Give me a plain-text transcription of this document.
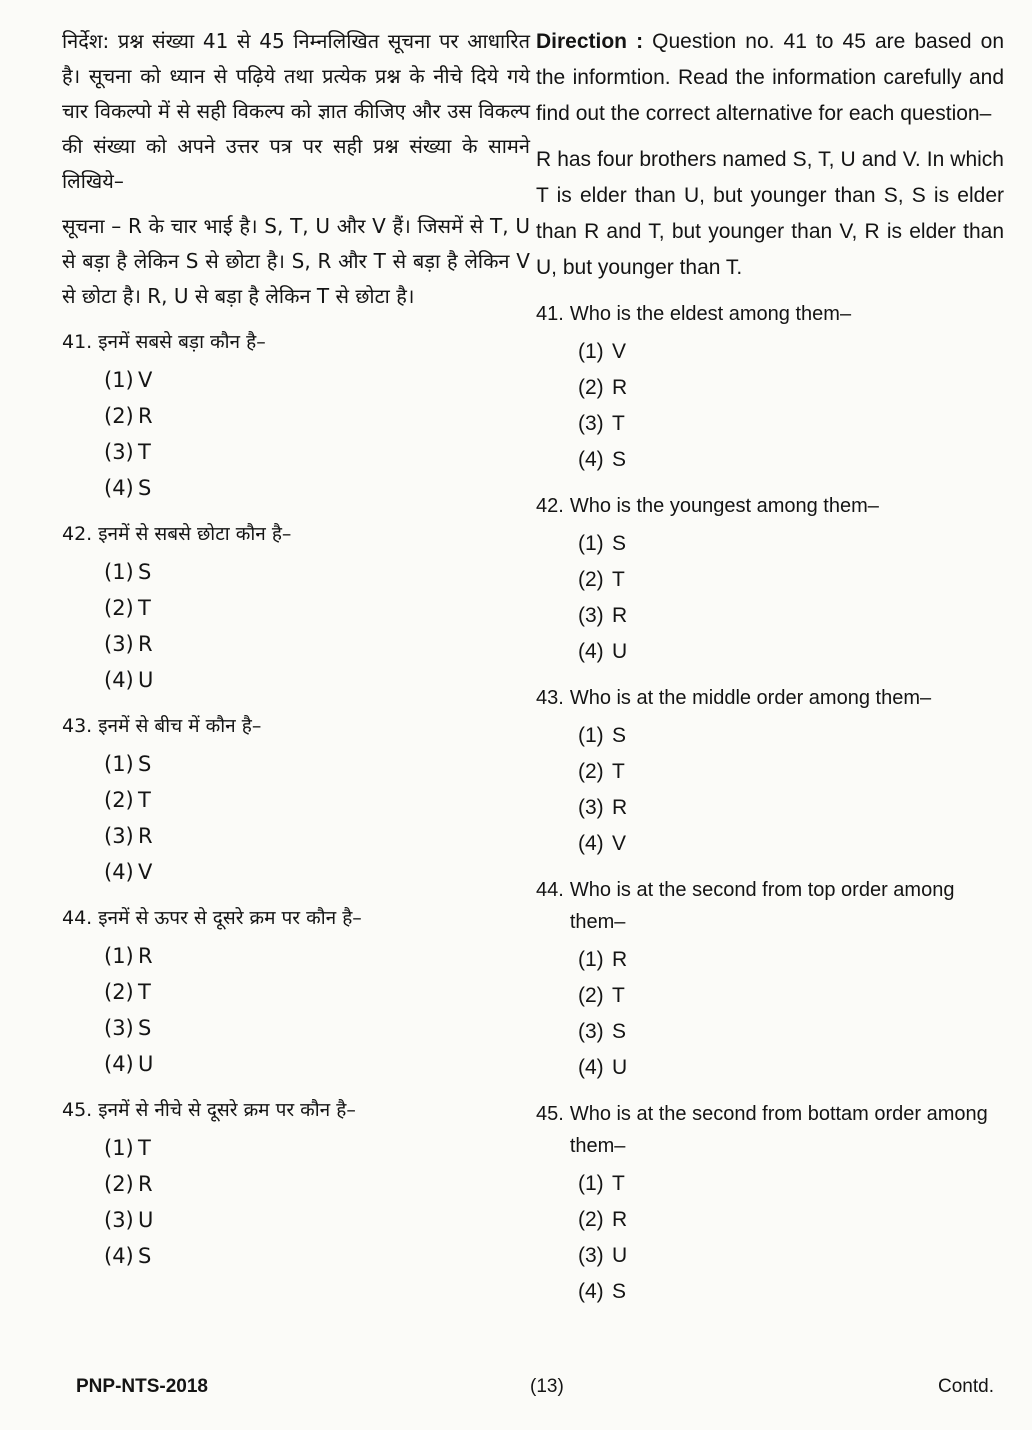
निर्देश: प्रश्न संख्या 41 से 45 निम्नलिखित सूचना पर आधारित है। सूचना को ध्यान से पढ़िये तथा प्रत्येक प्रश्न के नीचे दिये गये चार विकल्पो में से सही विकल्प को ज्ञात कीजिए और उस विकल्प की संख्या को अपने उत्तर पत्र पर सही प्रश्न संख्या के सामने लिखिये–

सूचना – R के चार भाई है। S, T, U और V हैं। जिसमें से T, U से बड़ा है लेकिन S से छोटा है। S, R और T से बड़ा है लेकिन V से छोटा है। R, U से बड़ा है लेकिन T से छोटा है।

41. इनमें सबसे बड़ा कौन है–
(1) V
(2) R
(3) T
(4) S
42. इनमें से सबसे छोटा कौन है–
(1) S
(2) T
(3) R
(4) U
43. इनमें से बीच में कौन है–
(1) S
(2) T
(3) R
(4) V
44. इनमें से ऊपर से दूसरे क्रम पर कौन है–
(1) R
(2) T
(3) S
(4) U
45. इनमें से नीचे से दूसरे क्रम पर कौन है–
(1) T
(2) R
(3) U
(4) S

Direction : Question no. 41 to 45 are based on the informtion. Read the information carefully and find out the correct alternative for each question–

R has four brothers named S, T, U and V. In which T is elder than U, but younger than S, S is elder than R and T, but younger than V, R is elder than U, but younger than T.

41. Who is the eldest among them–
(1) V
(2) R
(3) T
(4) S
42. Who is the youngest among them–
(1) S
(2) T
(3) R
(4) U
43. Who is at the middle order among them–
(1) S
(2) T
(3) R
(4) V
44. Who is at the second from top order among them–
(1) R
(2) T
(3) S
(4) U
45. Who is at the second from bottam order among them–
(1) T
(2) R
(3) U
(4) S
PNP-NTS-2018	(13)	Contd.
